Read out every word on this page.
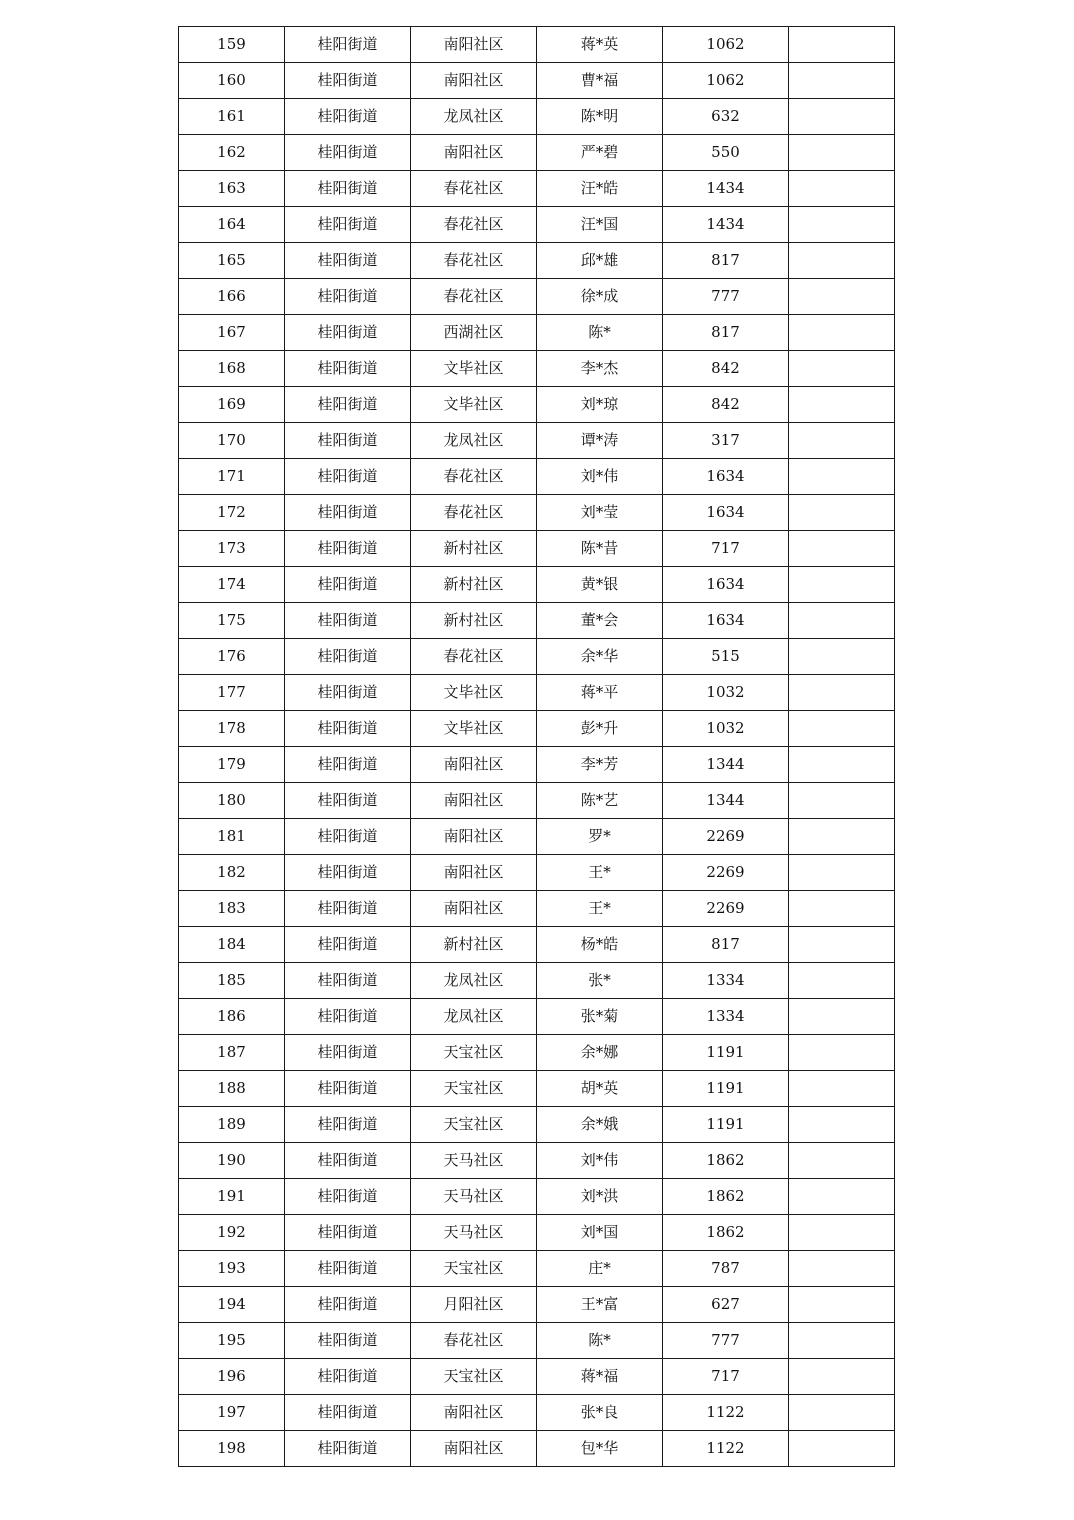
159	桂阳街道	南阳社区	蒋*英	1062	
160	桂阳街道	南阳社区	曹*福	1062	
161	桂阳街道	龙凤社区	陈*明	632	
162	桂阳街道	南阳社区	严*碧	550	
163	桂阳街道	春花社区	汪*皓	1434	
164	桂阳街道	春花社区	汪*国	1434	
165	桂阳街道	春花社区	邱*雄	817	
166	桂阳街道	春花社区	徐*成	777	
167	桂阳街道	西湖社区	陈*	817	
168	桂阳街道	文毕社区	李*杰	842	
169	桂阳街道	文毕社区	刘*琼	842	
170	桂阳街道	龙凤社区	谭*涛	317	
171	桂阳街道	春花社区	刘*伟	1634	
172	桂阳街道	春花社区	刘*莹	1634	
173	桂阳街道	新村社区	陈*昔	717	
174	桂阳街道	新村社区	黄*银	1634	
175	桂阳街道	新村社区	董*会	1634	
176	桂阳街道	春花社区	余*华	515	
177	桂阳街道	文毕社区	蒋*平	1032	
178	桂阳街道	文毕社区	彭*升	1032	
179	桂阳街道	南阳社区	李*芳	1344	
180	桂阳街道	南阳社区	陈*艺	1344	
181	桂阳街道	南阳社区	罗*	2269	
182	桂阳街道	南阳社区	王*	2269	
183	桂阳街道	南阳社区	王*	2269	
184	桂阳街道	新村社区	杨*皓	817	
185	桂阳街道	龙凤社区	张*	1334	
186	桂阳街道	龙凤社区	张*菊	1334	
187	桂阳街道	天宝社区	余*娜	1191	
188	桂阳街道	天宝社区	胡*英	1191	
189	桂阳街道	天宝社区	余*娥	1191	
190	桂阳街道	天马社区	刘*伟	1862	
191	桂阳街道	天马社区	刘*洪	1862	
192	桂阳街道	天马社区	刘*国	1862	
193	桂阳街道	天宝社区	庄*	787	
194	桂阳街道	月阳社区	王*富	627	
195	桂阳街道	春花社区	陈*	777	
196	桂阳街道	天宝社区	蒋*福	717	
197	桂阳街道	南阳社区	张*良	1122	
198	桂阳街道	南阳社区	包*华	1122	
